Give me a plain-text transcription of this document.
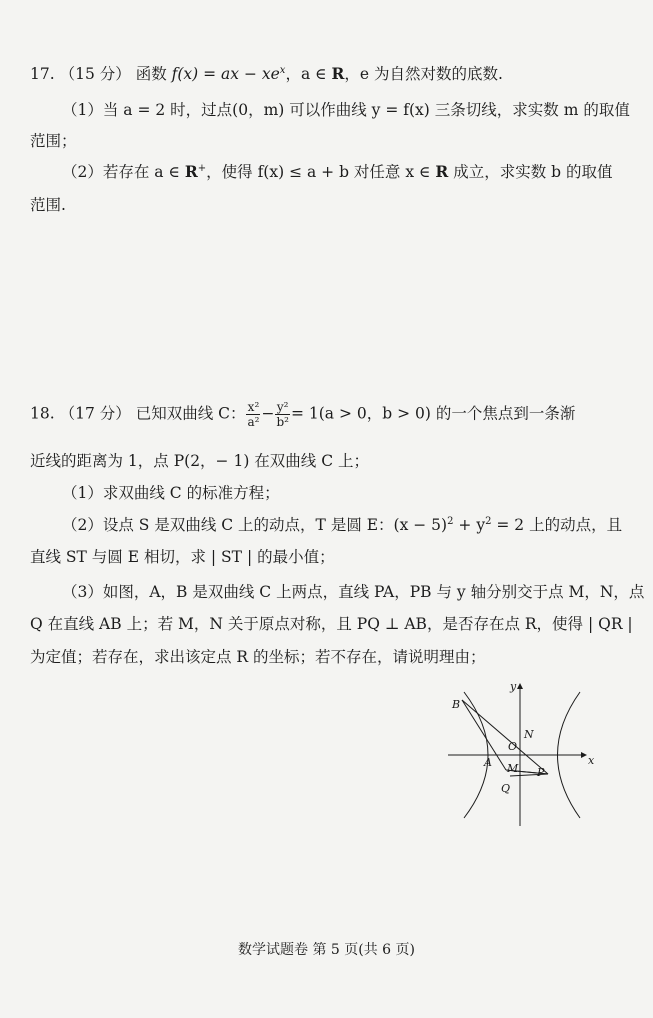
17. （15 分） 函数 f(x) = ax − $xe^x$，a ∈ R，e 为自然对数的底数.
（1）当 a = 2 时，过点(0，m) 可以作曲线 y = f(x) 三条切线，求实数 m 的取值
范围；
（2）若存在 a ∈ R+，使得 f(x) ≤ a + b 对任意 x ∈ R 成立，求实数 b 的取值
范围.
18. （17 分） 已知双曲线 C： $\frac{\text{x²}}{\text{a²}} - \frac{\text{y²}}{\text{b²}} = 1(a > 0$，b > 0) 的一个焦点到一条渐
近线的距离为 1，点 P(2，− 1) 在双曲线 C 上；
（1）求双曲线 C 的标准方程；
（2）设点 S 是双曲线 C 上的动点，T 是圆 E：$(x - 5)^2 + y^2 = 2$ 上的动点，且
直线 ST 与圆 E 相切，求 | ST | 的最小值；
（3）如图，A，B 是双曲线 C 上两点，直线 PA，PB 与 y 轴分别交于点 M，N，点
Q 在直线 AB 上；若 M，N 关于原点对称，且 PQ ⊥ AB，是否存在点 R，使得 | QR |
为定值；若存在，求出该定点 R 的坐标；若不存在，请说明理由；
y
x
B
N
O
A M P
Q
数学试题卷 第 5 页(共 6 页)
